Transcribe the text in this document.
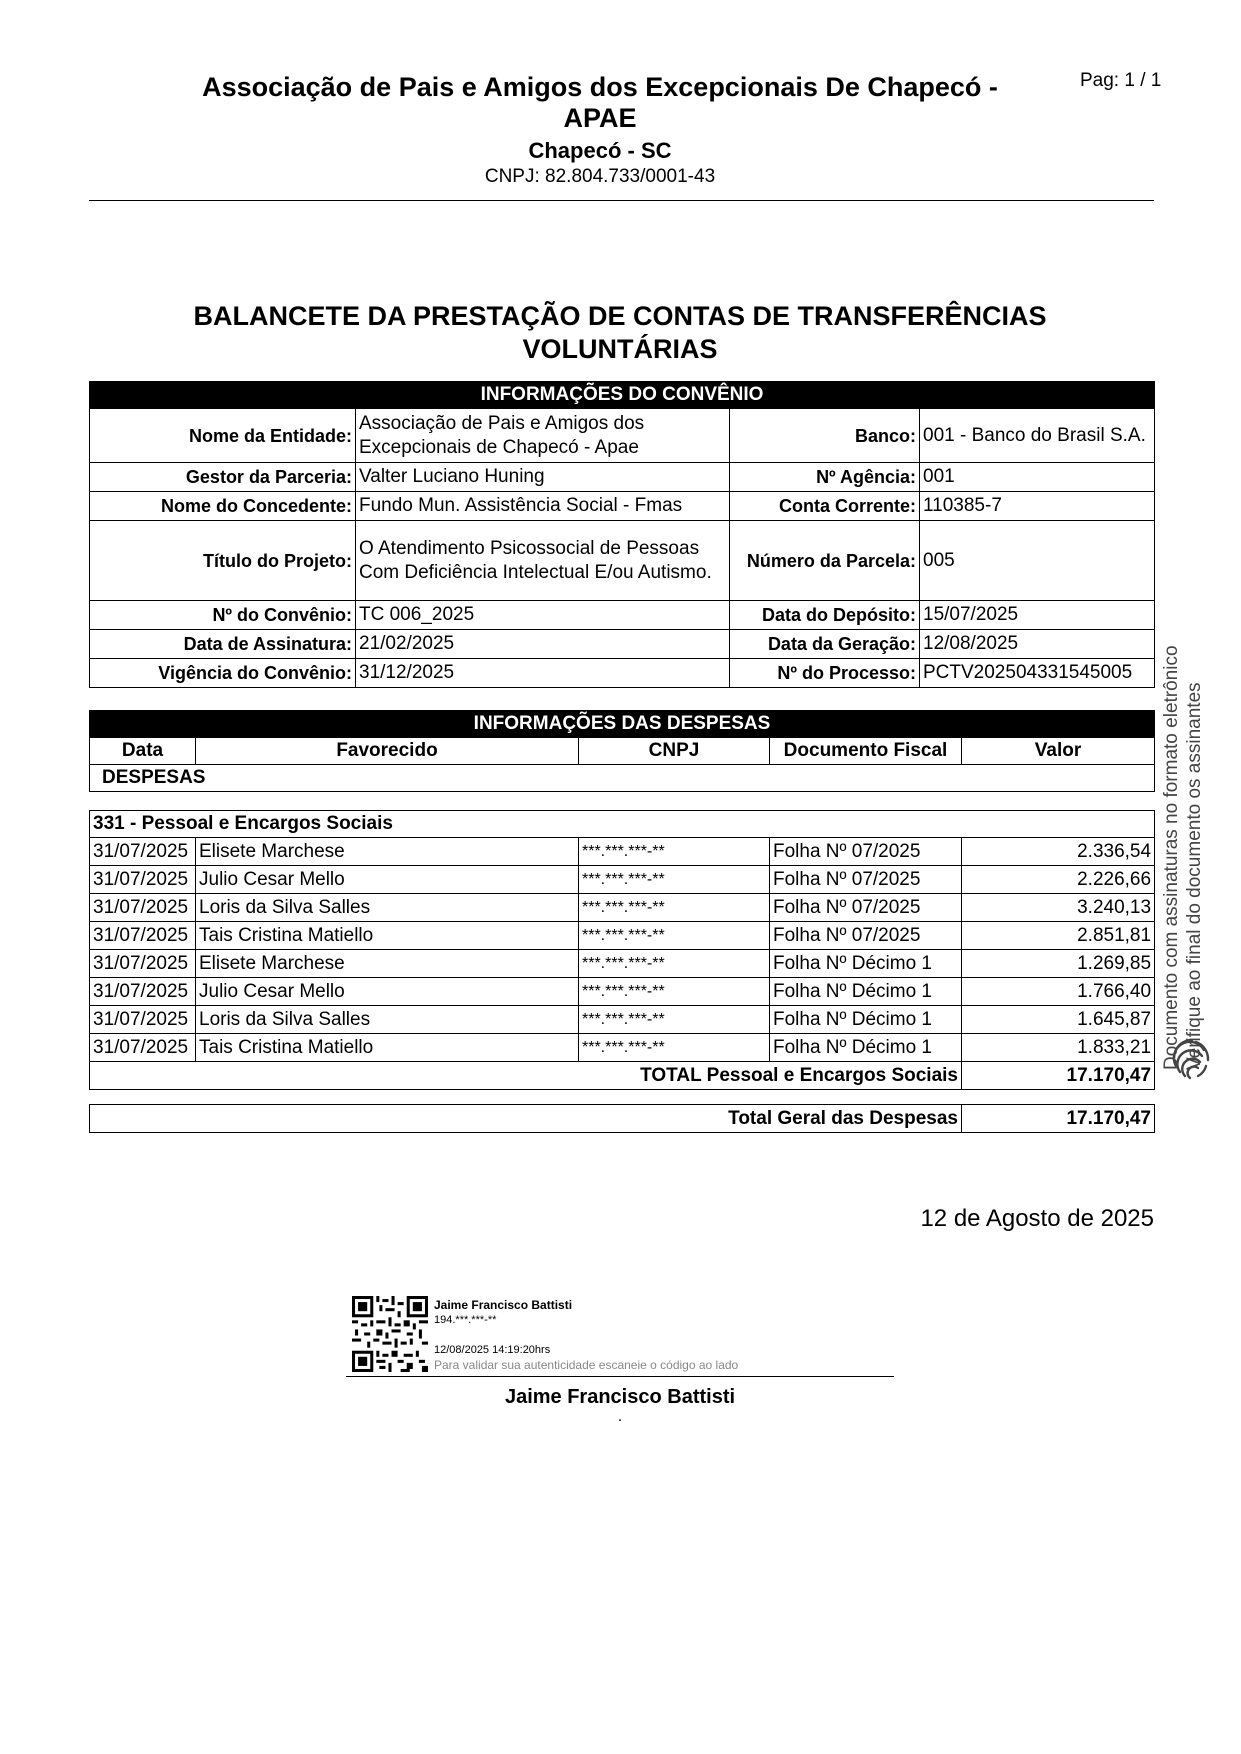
Associação de Pais e Amigos dos Excepcionais De Chapecó -
APAE
Chapecó - SC
CNPJ: 82.804.733/0001-43
Pag: 1 / 1
BALANCETE DA PRESTAÇÃO DE CONTAS DE TRANSFERÊNCIAS
VOLUNTÁRIAS
INFORMAÇÕES DO CONVÊNIO			
Nome da Entidade:	Associação de Pais e Amigos dos Excepcionais de Chapecó - Apae	Banco:	001 - Banco do Brasil S.A.
Gestor da Parceria:	Valter Luciano Huning	Nº Agência:	001
Nome do Concedente:	Fundo Mun. Assistência Social - Fmas	Conta Corrente:	110385-7
Título do Projeto:	O Atendimento Psicossocial de Pessoas Com Deficiência Intelectual E/ou Autismo.	Número da Parcela:	005
Nº do Convênio:	TC 006_2025	Data do Depósito:	15/07/2025
Data de Assinatura:	21/02/2025	Data da Geração:	12/08/2025
Vigência do Convênio:	31/12/2025	Nº do Processo:	PCTV202504331545005
INFORMAÇÕES DAS DESPESAS
Data	Favorecido	CNPJ	Documento Fiscal	Valor
DESPESAS
331 - Pessoal e Encargos Sociais				
31/07/2025	Elisete Marchese	***.***.***-**	Folha Nº 07/2025	2.336,54
31/07/2025	Julio Cesar Mello	***.***.***-**	Folha Nº 07/2025	2.226,66
31/07/2025	Loris da Silva Salles	***.***.***-**	Folha Nº 07/2025	3.240,13
31/07/2025	Tais Cristina Matiello	***.***.***-**	Folha Nº 07/2025	2.851,81
31/07/2025	Elisete Marchese	***.***.***-**	Folha Nº Décimo 1	1.269,85
31/07/2025	Julio Cesar Mello	***.***.***-**	Folha Nº Décimo 1	1.766,40
31/07/2025	Loris da Silva Salles	***.***.***-**	Folha Nº Décimo 1	1.645,87
31/07/2025	Tais Cristina Matiello	***.***.***-**	Folha Nº Décimo 1	1.833,21
TOTAL Pessoal e Encargos Sociais				17.170,47
Total Geral das Despesas	17.170,47
12 de Agosto de 2025
Jaime Francisco Battisti
194.***.***-**
12/08/2025 14:19:20hrs
Para validar sua autenticidade escaneie o código ao lado
Jaime Francisco Battisti
.
Documento com assinaturas no formato eletrônico Verifique ao final do documento os assinantes
